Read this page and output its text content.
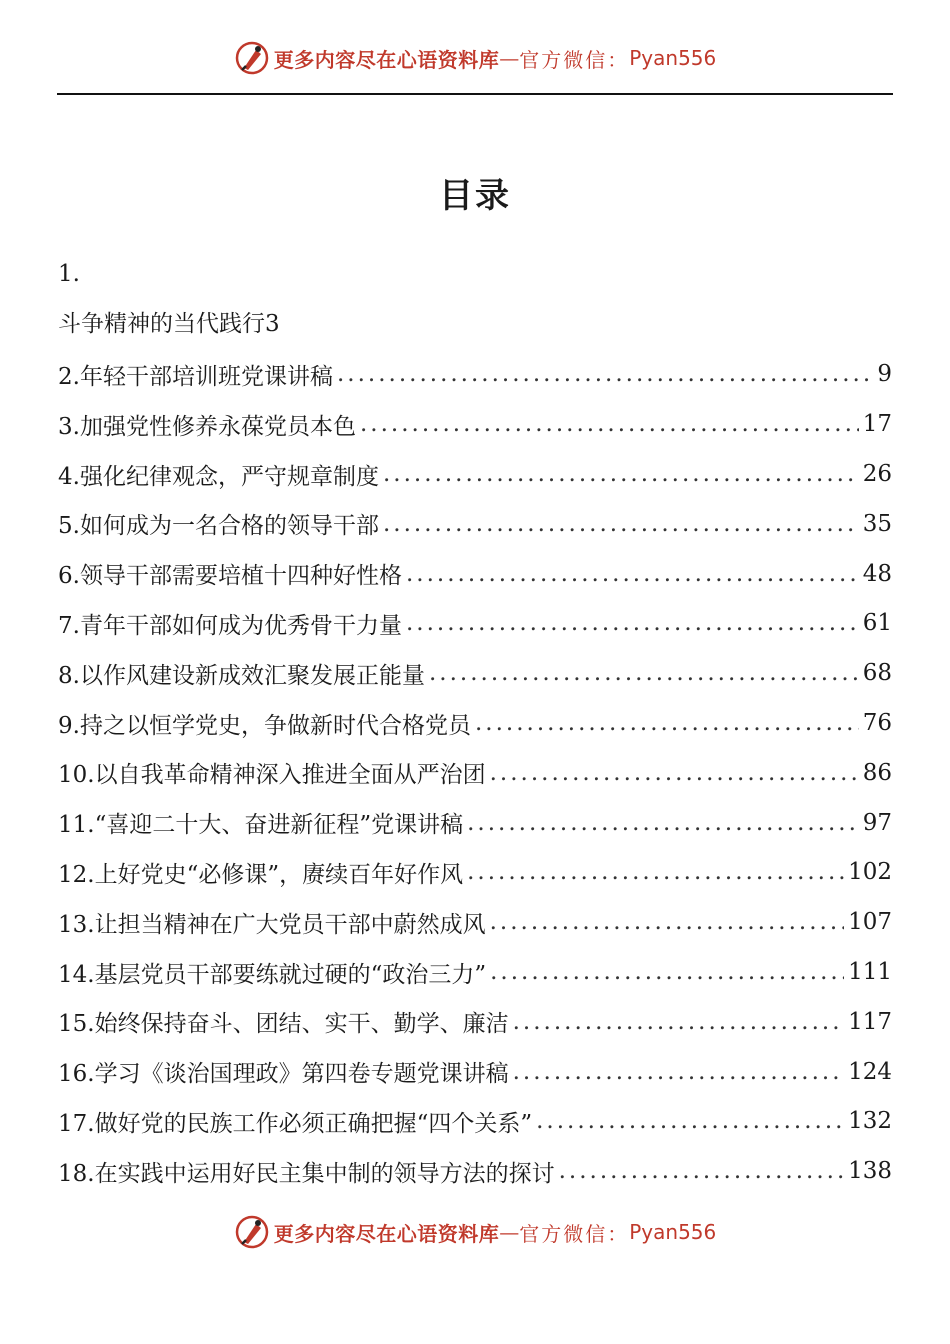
更多内容尽在心语资料库 — 官方微信： Pyan556
目录
1.
斗争精神的当代践行3
2.年轻干部培训班党课讲稿 .....	9
3.加强党性修养永葆党员本色 .....	17
4.强化纪律观念，严守规章制度 .....	26
5.如何成为一名合格的领导干部 .....	35
6.领导干部需要培植十四种好性格 .....	48
7.青年干部如何成为优秀骨干力量 .....	61
8.以作风建设新成效汇聚发展正能量 .....	68
9.持之以恒学党史，争做新时代合格党员 .....	76
10.以自我革命精神深入推进全面从严治团 .....	86
11.“喜迎二十大、奋进新征程”党课讲稿 .....	97
12.上好党史“必修课”，赓续百年好作风 .....	102
13.让担当精神在广大党员干部中蔚然成风 .....	107
14.基层党员干部要练就过硬的“政治三力” .....	111
15.始终保持奋斗、团结、实干、勤学、廉洁 .....	117
16.学习《谈治国理政》第四卷专题党课讲稿 .....	124
17.做好党的民族工作必须正确把握“四个关系” .....	132
18.在实践中运用好民主集中制的领导方法的探讨 .....	138
更多内容尽在心语资料库 — 官方微信： Pyan556
